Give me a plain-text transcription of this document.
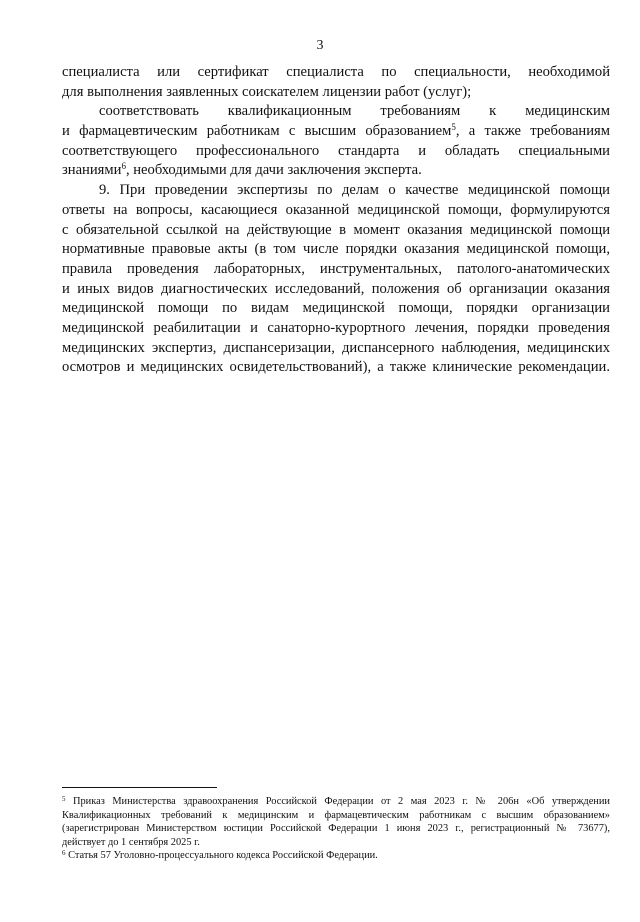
3
специалиста или сертификат специалиста по специальности, необходимой
для выполнения заявленных соискателем лицензии работ (услуг);
соответствовать квалификационным требованиям к медицинским
и фармацевтическим работникам с высшим образованием$^5$, а также требованиям
соответствующего профессионального стандарта и обладать специальными
знаниями$^6$, необходимыми для дачи заключения эксперта.
9. При проведении экспертизы по делам о качестве медицинской помощи
ответы на вопросы, касающиеся оказанной медицинской помощи, формулируются
с обязательной ссылкой на действующие в момент оказания медицинской помощи
нормативные правовые акты (в том числе порядки оказания медицинской помощи,
правила проведения лабораторных, инструментальных, патолого-анатомических
и иных видов диагностических исследований, положения об организации оказания
медицинской помощи по видам медицинской помощи, порядки организации
медицинской реабилитации и санаторно-курортного лечения, порядки проведения
медицинских экспертиз, диспансеризации, диспансерного наблюдения, медицинских
осмотров и медицинских освидетельствований), а также клинические рекомендации.
$^5$ Приказ Министерства здравоохранения Российской Федерации от 2 мая 2023 г. № 206н «Об утверждении
Квалификационных требований к медицинским и фармацевтическим работникам с высшим образованием»
(зарегистрирован Министерством юстиции Российской Федерации 1 июня 2023 г., регистрационный № 73677),
действует до 1 сентября 2025 г.
$^6$ Статья 57 Уголовно-процессуального кодекса Российской Федерации.
